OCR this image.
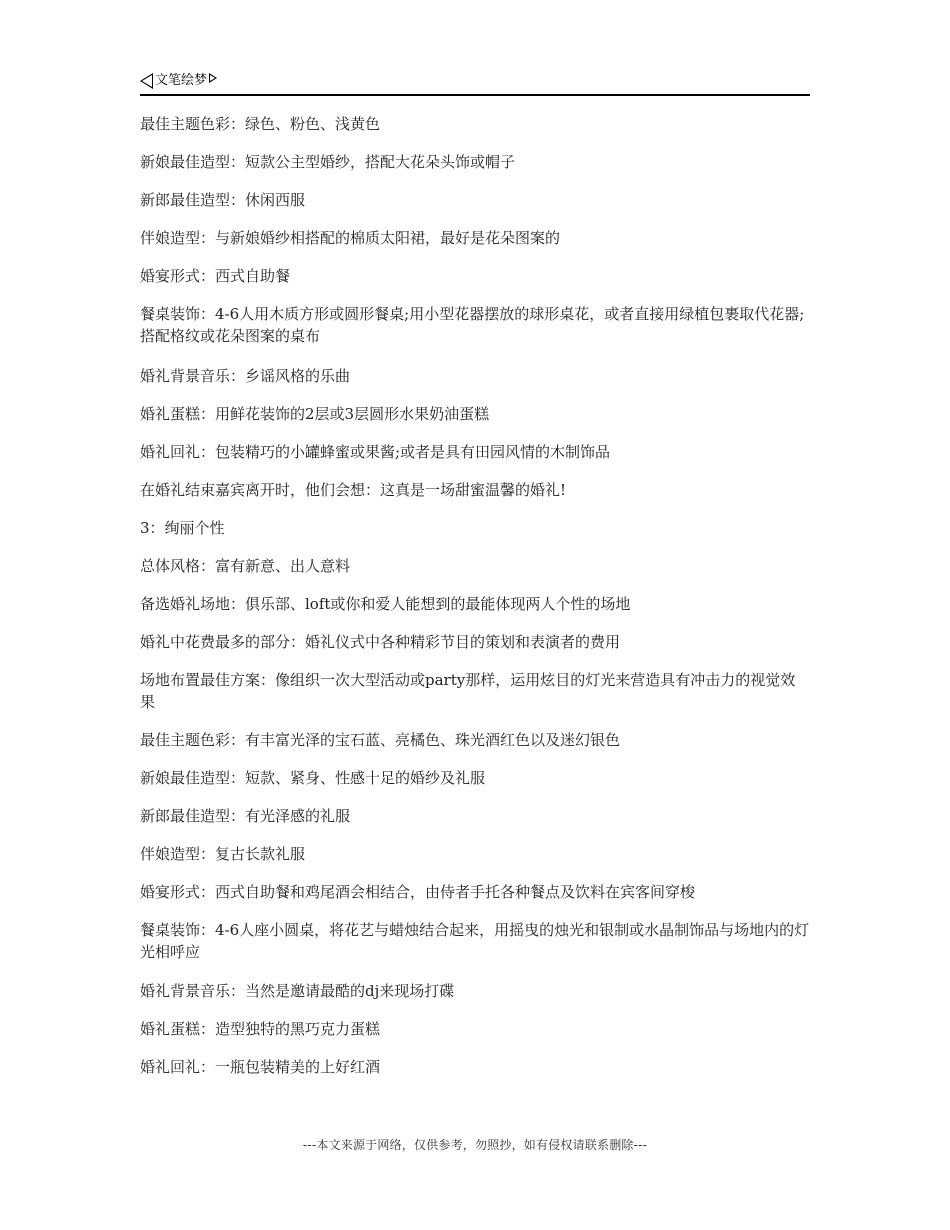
文笔绘梦

最佳主题色彩：绿色、粉色、浅黄色

新娘最佳造型：短款公主型婚纱，搭配大花朵头饰或帽子

新郎最佳造型：休闲西服

伴娘造型：与新娘婚纱相搭配的棉质太阳裙，最好是花朵图案的

婚宴形式：西式自助餐

餐桌装饰：4-6人用木质方形或圆形餐桌;用小型花器摆放的球形桌花，或者直接用绿植包裹取代花器;搭配格纹或花朵图案的桌布

婚礼背景音乐：乡谣风格的乐曲

婚礼蛋糕：用鲜花装饰的2层或3层圆形水果奶油蛋糕

婚礼回礼：包装精巧的小罐蜂蜜或果酱;或者是具有田园风情的木制饰品

在婚礼结束嘉宾离开时，他们会想：这真是一场甜蜜温馨的婚礼!

3：绚丽个性

总体风格：富有新意、出人意料

备选婚礼场地：俱乐部、loft或你和爱人能想到的最能体现两人个性的场地

婚礼中花费最多的部分：婚礼仪式中各种精彩节目的策划和表演者的费用

场地布置最佳方案：像组织一次大型活动或party那样，运用炫目的灯光来营造具有冲击力的视觉效果

最佳主题色彩：有丰富光泽的宝石蓝、亮橘色、珠光酒红色以及迷幻银色

新娘最佳造型：短款、紧身、性感十足的婚纱及礼服

新郎最佳造型：有光泽感的礼服

伴娘造型：复古长款礼服

婚宴形式：西式自助餐和鸡尾酒会相结合，由侍者手托各种餐点及饮料在宾客间穿梭

餐桌装饰：4-6人座小圆桌，将花艺与蜡烛结合起来，用摇曳的烛光和银制或水晶制饰品与场地内的灯光相呼应

婚礼背景音乐：当然是邀请最酷的dj来现场打碟

婚礼蛋糕：造型独特的黑巧克力蛋糕

婚礼回礼：一瓶包装精美的上好红酒

---本文来源于网络，仅供参考，勿照抄，如有侵权请联系删除---
